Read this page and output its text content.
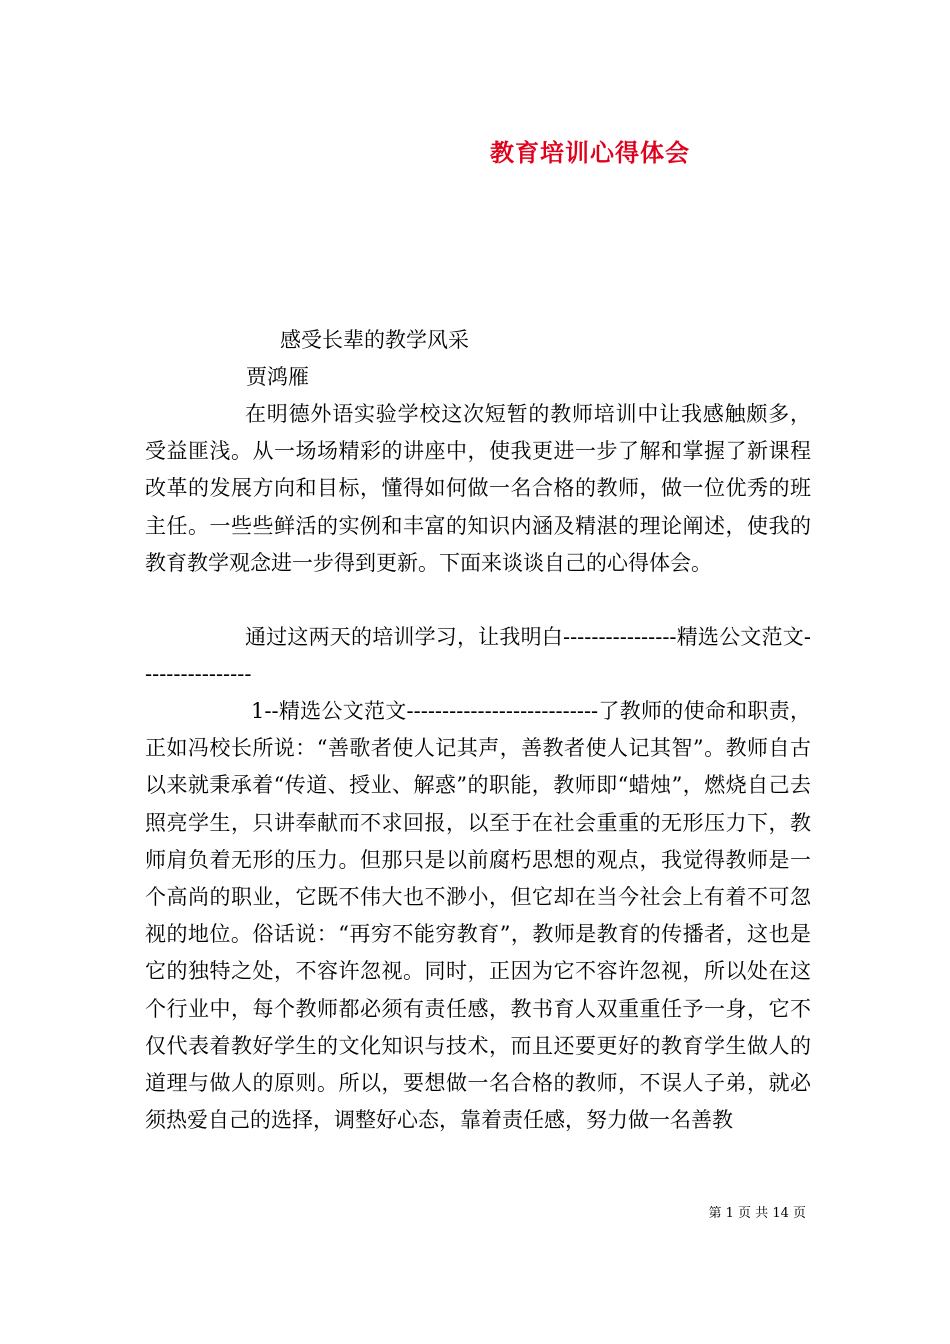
教育培训心得体会
感受长辈的教学风采
贾鸿雁
在明德外语实验学校这次短暂的教师培训中让我感触颇多，受益匪浅。从一场场精彩的讲座中，使我更进一步了解和掌握了新课程改革的发展方向和目标，懂得如何做一名合格的教师，做一位优秀的班主任。一些些鲜活的实例和丰富的知识内涵及精湛的理论阐述，使我的教育教学观念进一步得到更新。下面来谈谈自己的心得体会。
通过这两天的培训学习，让我明白----------------精选公文范文----------------
1--精选公文范文---------------------------了教师的使命和职责，正如冯校长所说：“善歌者使人记其声，善教者使人记其智”。教师自古以来就秉承着“传道、授业、解惑”的职能，教师即“蜡烛”，燃烧自己去照亮学生，只讲奉献而不求回报，以至于在社会重重的无形压力下，教师肩负着无形的压力。但那只是以前腐朽思想的观点，我觉得教师是一个高尚的职业，它既不伟大也不渺小，但它却在当今社会上有着不可忽视的地位。俗话说：“再穷不能穷教育”，教师是教育的传播者，这也是它的独特之处，不容许忽视。同时，正因为它不容许忽视，所以处在这个行业中，每个教师都必须有责任感，教书育人双重重任予一身，它不仅代表着教好学生的文化知识与技术，而且还要更好的教育学生做人的道理与做人的原则。所以，要想做一名合格的教师，不误人子弟，就必须热爱自己的选择，调整好心态，靠着责任感，努力做一名善教
第 1 页 共 14 页
